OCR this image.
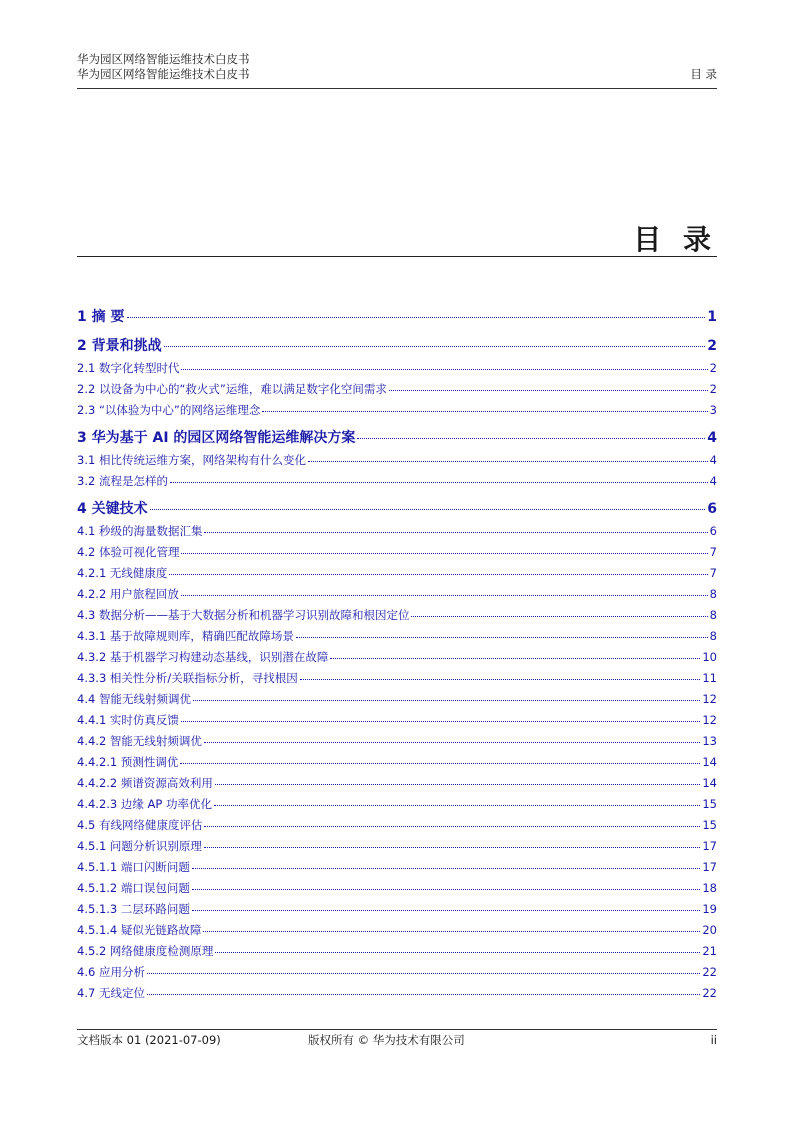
华为园区网络智能运维技术白皮书
华为园区网络智能运维技术白皮书	目 录
目 录
1 摘 要	1
2 背景和挑战	2
2.1 数字化转型时代	2
2.2 以设备为中心的“救火式”运维，难以满足数字化空间需求	2
2.3 “以体验为中心”的网络运维理念	3
3 华为基于 AI 的园区网络智能运维解决方案	4
3.1 相比传统运维方案，网络架构有什么变化	4
3.2 流程是怎样的	4
4 关键技术	6
4.1 秒级的海量数据汇集	6
4.2 体验可视化管理	7
4.2.1 无线健康度	7
4.2.2 用户旅程回放	8
4.3 数据分析——基于大数据分析和机器学习识别故障和根因定位	8
4.3.1 基于故障规则库，精确匹配故障场景	8
4.3.2 基于机器学习构建动态基线，识别潜在故障	10
4.3.3 相关性分析/关联指标分析，寻找根因	11
4.4 智能无线射频调优	12
4.4.1 实时仿真反馈	12
4.4.2 智能无线射频调优	13
4.4.2.1 预测性调优	14
4.4.2.2 频谱资源高效利用	14
4.4.2.3 边缘 AP 功率优化	15
4.5 有线网络健康度评估	15
4.5.1 问题分析识别原理	17
4.5.1.1 端口闪断问题	17
4.5.1.2 端口误包问题	18
4.5.1.3 二层环路问题	19
4.5.1.4 疑似光链路故障	20
4.5.2 网络健康度检测原理	21
4.6 应用分析	22
4.7 无线定位	22
文档版本 01 (2021-07-09)	版权所有 © 华为技术有限公司	ii
